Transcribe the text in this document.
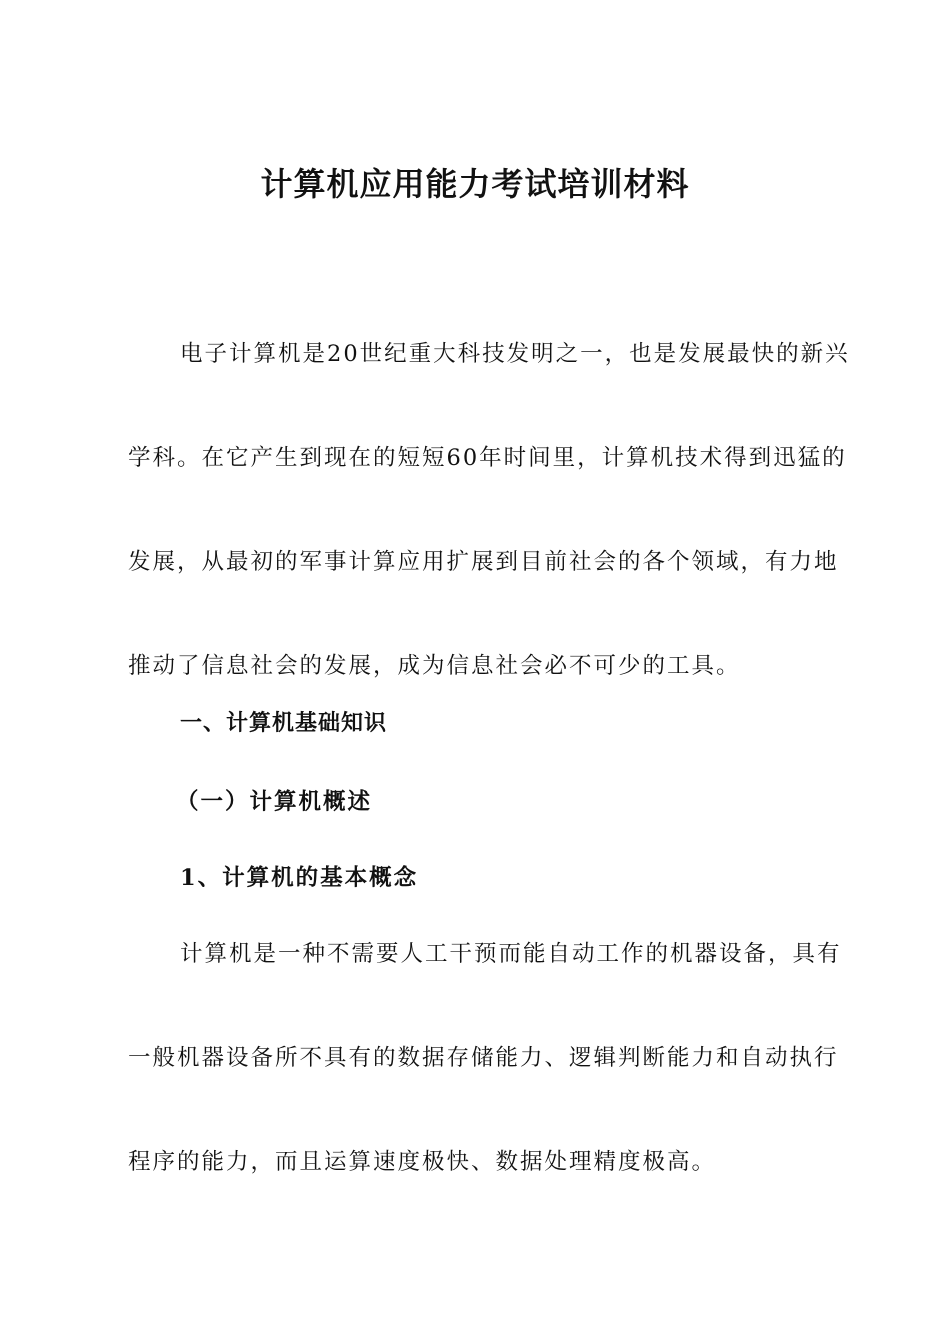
计算机应用能力考试培训材料
电子计算机是20世纪重大科技发明之一，也是发展最快的新兴
学科。在它产生到现在的短短60年时间里，计算机技术得到迅猛的
发展，从最初的军事计算应用扩展到目前社会的各个领域，有力地
推动了信息社会的发展，成为信息社会必不可少的工具。
一、计算机基础知识
（一）计算机概述
1、计算机的基本概念
计算机是一种不需要人工干预而能自动工作的机器设备，具有
一般机器设备所不具有的数据存储能力、逻辑判断能力和自动执行
程序的能力，而且运算速度极快、数据处理精度极高。
